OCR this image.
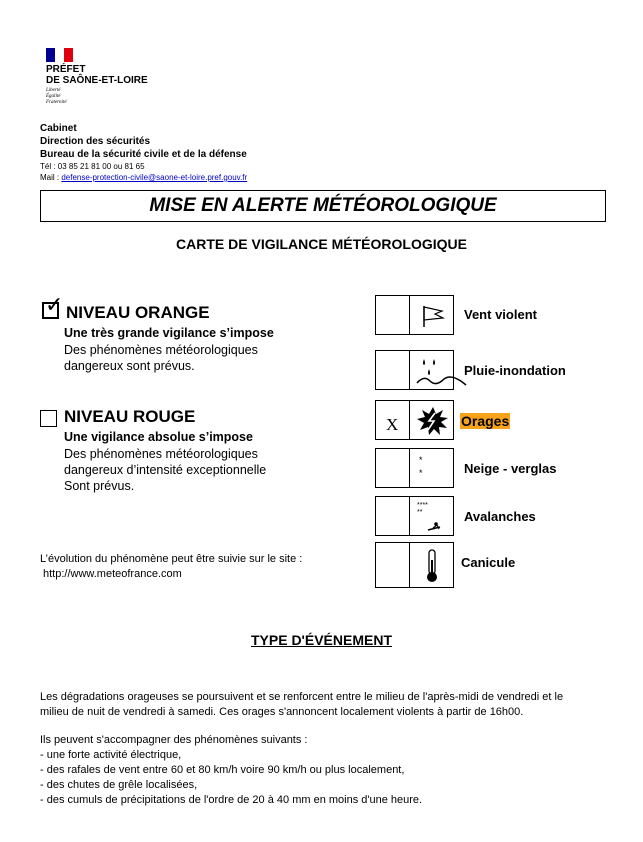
PRÉFET
DE SAÔNE-ET-LOIRE
Liberté
Égalité
Fraternité
Cabinet
Direction des sécurités
Bureau de la sécurité civile et de la défense
Tél : 03 85 21 81 00 ou 81 65
Mail : defense-protection-civile@saone-et-loire.pref.gouv.fr
MISE EN ALERTE MÉTÉOROLOGIQUE
CARTE DE VIGILANCE MÉTÉOROLOGIQUE
✓ NIVEAU ORANGE
Une très grande vigilance s’impose
Des phénomènes météorologiques
dangereux sont prévus.
NIVEAU ROUGE
Une vigilance absolue s’impose
Des phénomènes météorologiques
dangereux d’intensité exceptionnelle
Sont prévus.
L’évolution du phénomène peut être suivie sur le site :
http://www.meteofrance.com
Vent violent
Pluie-inondation
X	Orages
*
*	Neige - verglas
****
**	Avalanches
Canicule
TYPE D'ÉVÉNEMENT
Les dégradations orageuses se poursuivent et se renforcent entre le milieu de l'après-midi de vendredi et le
milieu de nuit de vendredi à samedi. Ces orages s'annoncent localement violents à partir de 16h00.
Ils peuvent s'accompagner des phénomènes suivants :
- une forte activité électrique,
- des rafales de vent entre 60 et 80 km/h voire 90 km/h ou plus localement,
- des chutes de grêle localisées,
- des cumuls de précipitations de l'ordre de 20 à 40 mm en moins d'une heure.
